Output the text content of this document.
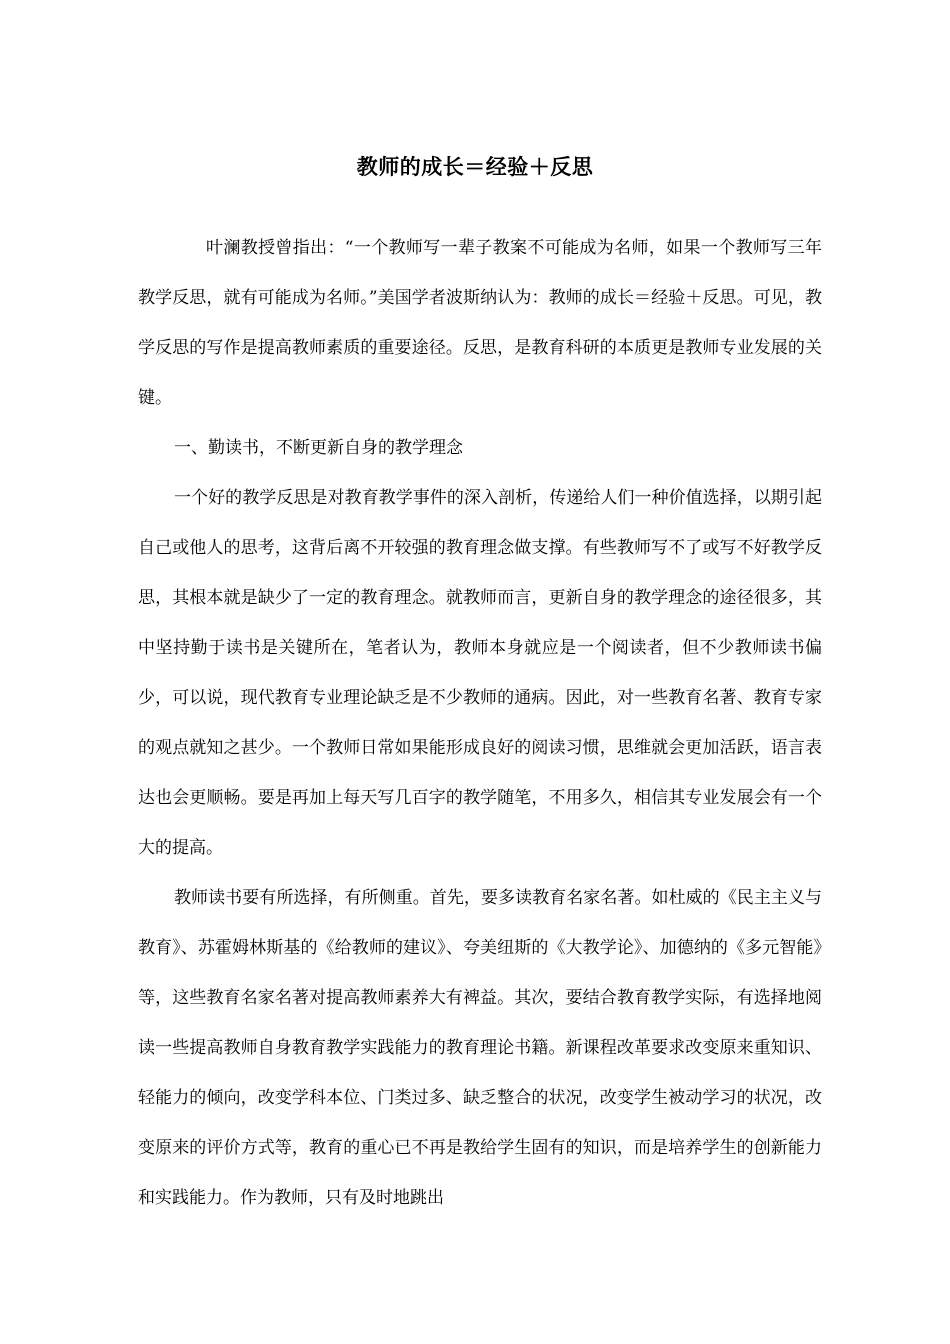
教师的成长＝经验＋反思

叶澜教授曾指出：“一个教师写一辈子教案不可能成为名师，如果一个教师写三年教学反思，就有可能成为名师。”美国学者波斯纳认为：教师的成长＝经验＋反思。可见，教学反思的写作是提高教师素质的重要途径。反思，是教育科研的本质更是教师专业发展的关键。

一、勤读书，不断更新自身的教学理念

一个好的教学反思是对教育教学事件的深入剖析，传递给人们一种价值选择，以期引起自己或他人的思考，这背后离不开较强的教育理念做支撑。有些教师写不了或写不好教学反思，其根本就是缺少了一定的教育理念。就教师而言，更新自身的教学理念的途径很多，其中坚持勤于读书是关键所在，笔者认为，教师本身就应是一个阅读者，但不少教师读书偏少，可以说，现代教育专业理论缺乏是不少教师的通病。因此，对一些教育名著、教育专家的观点就知之甚少。一个教师日常如果能形成良好的阅读习惯，思维就会更加活跃，语言表达也会更顺畅。要是再加上每天写几百字的教学随笔，不用多久，相信其专业发展会有一个大的提高。

教师读书要有所选择，有所侧重。首先，要多读教育名家名著。如杜威的《民主主义与教育》、苏霍姆林斯基的《给教师的建议》、夸美纽斯的《大教学论》、加德纳的《多元智能》等，这些教育名家名著对提高教师素养大有裨益。其次，要结合教育教学实际，有选择地阅读一些提高教师自身教育教学实践能力的教育理论书籍。新课程改革要求改变原来重知识、轻能力的倾向，改变学科本位、门类过多、缺乏整合的状况，改变学生被动学习的状况，改变原来的评价方式等，教育的重心已不再是教给学生固有的知识，而是培养学生的创新能力和实践能力。作为教师，只有及时地跳出
